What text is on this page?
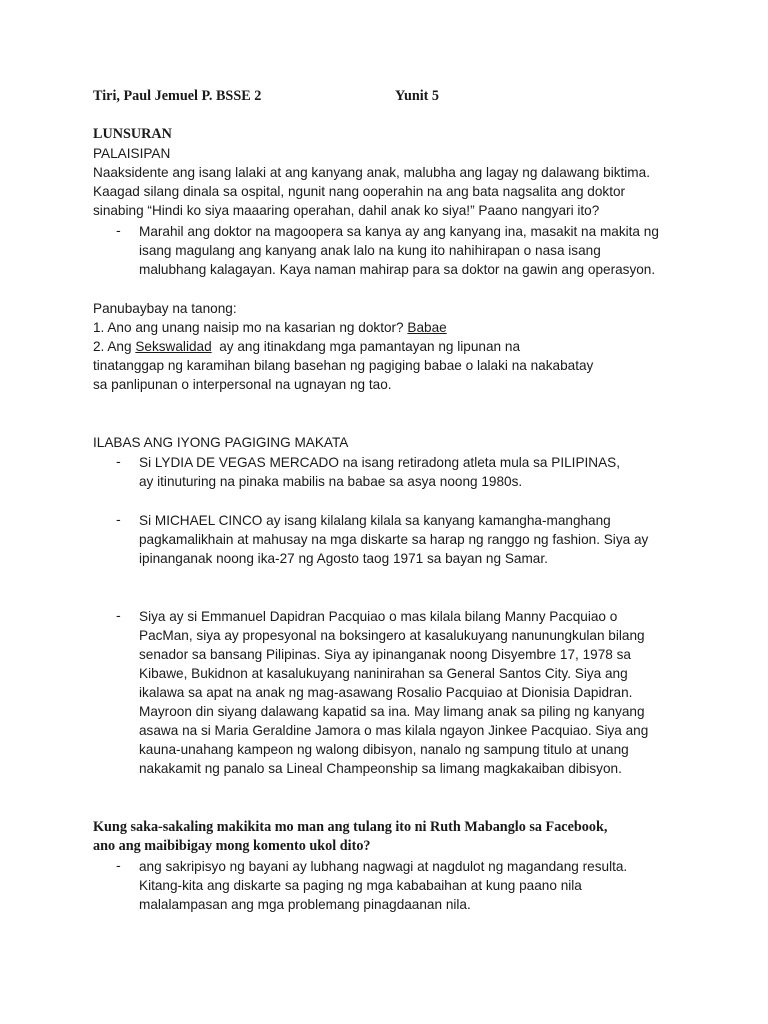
Tiri, Paul Jemuel P. BSSE 2	Yunit 5
LUNSURAN
PALAISIPAN
Naaksidente ang isang lalaki at ang kanyang anak, malubha ang lagay ng dalawang biktima.
Kaagad silang dinala sa ospital, ngunit nang ooperahin na ang bata nagsalita ang doktor
sinabing “Hindi ko siya maaaring operahan, dahil anak ko siya!” Paano nangyari ito?
- Marahil ang doktor na magoopera sa kanya ay ang kanyang ina, masakit na makita ng
isang magulang ang kanyang anak lalo na kung ito nahihirapan o nasa isang
malubhang kalagayan. Kaya naman mahirap para sa doktor na gawin ang operasyon.
Panubaybay na tanong:
1. Ano ang unang naisip mo na kasarian ng doktor? Babae
2. Ang Sekswalidad  ay ang itinakdang mga pamantayan ng lipunan na
tinatanggap ng karamihan bilang basehan ng pagiging babae o lalaki na nakabatay
sa panlipunan o interpersonal na ugnayan ng tao.
ILABAS ANG IYONG PAGIGING MAKATA
- Si LYDIA DE VEGAS MERCADO na isang retiradong atleta mula sa PILIPINAS,
ay itinuturing na pinaka mabilis na babae sa asya noong 1980s.
- Si MICHAEL CINCO ay isang kilalang kilala sa kanyang kamangha-manghang
pagkamalikhain at mahusay na mga diskarte sa harap ng ranggo ng fashion. Siya ay
ipinanganak noong ika-27 ng Agosto taog 1971 sa bayan ng Samar.
- Siya ay si Emmanuel Dapidran Pacquiao o mas kilala bilang Manny Pacquiao o
PacMan, siya ay propesyonal na boksingero at kasalukuyang nanunungkulan bilang
senador sa bansang Pilipinas. Siya ay ipinanganak noong Disyembre 17, 1978 sa
Kibawe, Bukidnon at kasalukuyang naninirahan sa General Santos City. Siya ang
ikalawa sa apat na anak ng mag-asawang Rosalio Pacquiao at Dionisia Dapidran.
Mayroon din siyang dalawang kapatid sa ina. May limang anak sa piling ng kanyang
asawa na si Maria Geraldine Jamora o mas kilala ngayon Jinkee Pacquiao. Siya ang
kauna-unahang kampeon ng walong dibisyon, nanalo ng sampung titulo at unang
nakakamit ng panalo sa Lineal Champeonship sa limang magkakaiban dibisyon.
Kung saka-sakaling makikita mo man ang tulang ito ni Ruth Mabanglo sa Facebook,
ano ang maibibigay mong komento ukol dito?
- ang sakripisyo ng bayani ay lubhang nagwagi at nagdulot ng magandang resulta.
Kitang-kita ang diskarte sa paging ng mga kababaihan at kung paano nila
malalampasan ang mga problemang pinagdaanan nila.
